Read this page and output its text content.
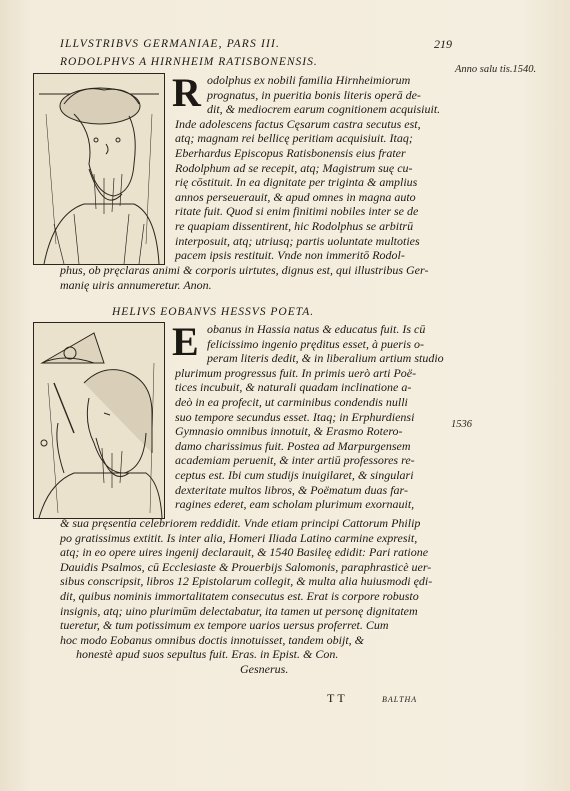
ILLVSTRIBVS GERMANIAE, PARS III.	219
Anno salu tis.1540.
1536
RODOLPHVS A HIRNHEIM RATISBONENSIS.
R odolphus ex nobili familia Hirnheimiorum
prognatus, in pueritia bonis literis operā de-
dit, & mediocrem earum cognitionem acquisiuit.
Inde adolescens factus Cęsarum castra secutus est,
atq; magnam rei bellicę peritiam acquisiuit. Itaq;
Eberhardus Episcopus Ratisbonensis eius frater
Rodolphum ad se recepit, atq; Magistrum suę cu-
rię cōstituit. In ea dignitate per triginta & amplius
annos perseuerauit, & apud omnes in magna auto
ritate fuit. Quod si enim finitimi nobiles inter se de
re quapiam dissentirent, hic Rodolphus se arbitrū
interposuit, atq; utriusq; partis uoluntate multoties
pacem ipsis restituit. Vnde non immeritō Rodol-
phus, ob pręclaras animi & corporis uirtutes, dignus est, qui illustribus Ger-
manię uiris annumeretur. Anon.
HELIVS EOBANVS HESSVS POETA.
E obanus in Hassia natus & educatus fuit. Is cū
felicissimo ingenio pręditus esset, à pueris o-
peram literis dedit, & in liberalium artium studio
plurimum progressus fuit. In primis uerò arti Poë-
tices incubuit, & naturali quadam inclinatione a-
deò in ea profecit, ut carminibus condendis nulli
suo tempore secundus esset. Itaq; in Erphurdiensi
Gymnasio omnibus innotuit, & Erasmo Rotero-
damo charissimus fuit. Postea ad Marpurgensem
academiam peruenit, & inter artiū professores re-
ceptus est. Ibi cum studijs inuigilaret, & singulari
dexteritate multos libros, & Poëmatum duas far-
ragines ederet, eam scholam plurimum exornauit,
& sua pręsentia celebriorem reddidit. Vnde etiam principi Cattorum Philip
po gratissimus extitit. Is inter alia, Homeri Iliada Latino carmine expresit,
atq; in eo opere uires ingenij declarauit, & 1540 Basileę edidit: Pari ratione
Dauidis Psalmos, cū Ecclesiaste & Prouerbijs Salomonis, paraphrasticè uer-
sibus conscripsit, libros 12 Epistolarum collegit, & multa alia huiusmodi ędi-
dit, quibus nominis immortalitatem consecutus est. Erat is corpore robusto
insignis, atq; uino plurimūm delectabatur, ita tamen ut personę dignitatem
tueretur, & tum potissimum ex tempore uarios uersus proferret. Cum
hoc modo Eobanus omnibus doctis innotuisset, tandem obijt, &
honestè apud suos sepultus fuit. Eras. in Epist. & Con.
Gesnerus.
TT	BALTHA
